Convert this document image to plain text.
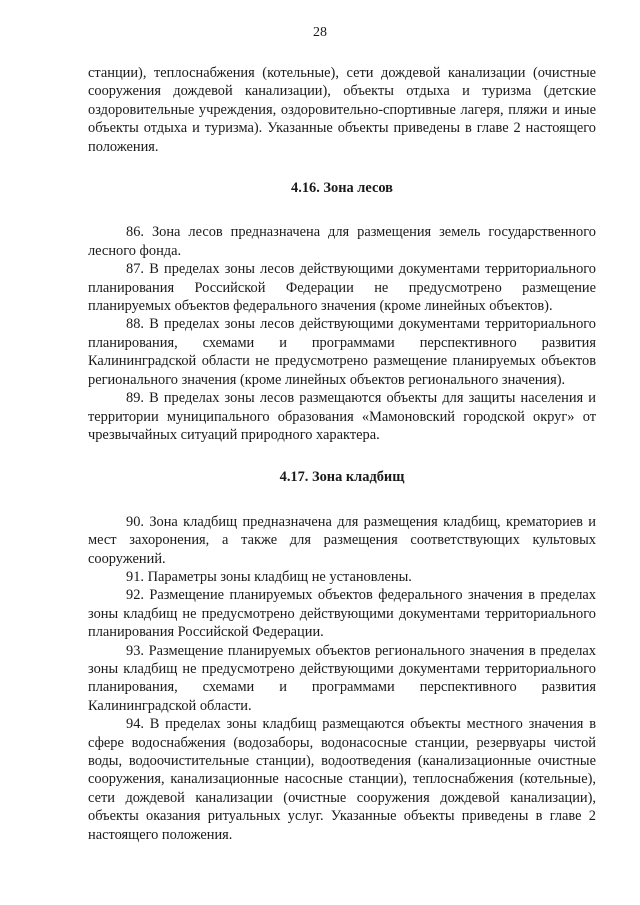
28

станции), теплоснабжения (котельные), сети дождевой канализации (очистные сооружения дождевой канализации), объекты отдыха и туризма (детские оздоровительные учреждения, оздоровительно-спортивные лагеря, пляжи и иные объекты отдыха и туризма). Указанные объекты приведены в главе 2 настоящего положения.

4.16. Зона лесов

86. Зона лесов предназначена для размещения земель государственного лесного фонда.

87. В пределах зоны лесов действующими документами территориального планирования Российской Федерации не предусмотрено размещение планируемых объектов федерального значения (кроме линейных объектов).

88. В пределах зоны лесов действующими документами территориального планирования, схемами и программами перспективного развития Калининградской области не предусмотрено размещение планируемых объектов регионального значения (кроме линейных объектов регионального значения).

89. В пределах зоны лесов размещаются объекты для защиты населения и территории муниципального образования «Мамоновский городской округ» от чрезвычайных ситуаций природного характера.

4.17. Зона кладбищ

90. Зона кладбищ предназначена для размещения кладбищ, крематориев и мест захоронения, а также для размещения соответствующих культовых сооружений.

91. Параметры зоны кладбищ не установлены.

92. Размещение планируемых объектов федерального значения в пределах зоны кладбищ не предусмотрено действующими документами территориального планирования Российской Федерации.

93. Размещение планируемых объектов регионального значения в пределах зоны кладбищ не предусмотрено действующими документами территориального планирования, схемами и программами перспективного развития Калининградской области.

94. В пределах зоны кладбищ размещаются объекты местного значения в сфере водоснабжения (водозаборы, водонасосные станции, резервуары чистой воды, водоочистительные станции), водоотведения (канализационные очистные сооружения, канализационные насосные станции), теплоснабжения (котельные), сети дождевой канализации (очистные сооружения дождевой канализации), объекты оказания ритуальных услуг. Указанные объекты приведены в главе 2 настоящего положения.
